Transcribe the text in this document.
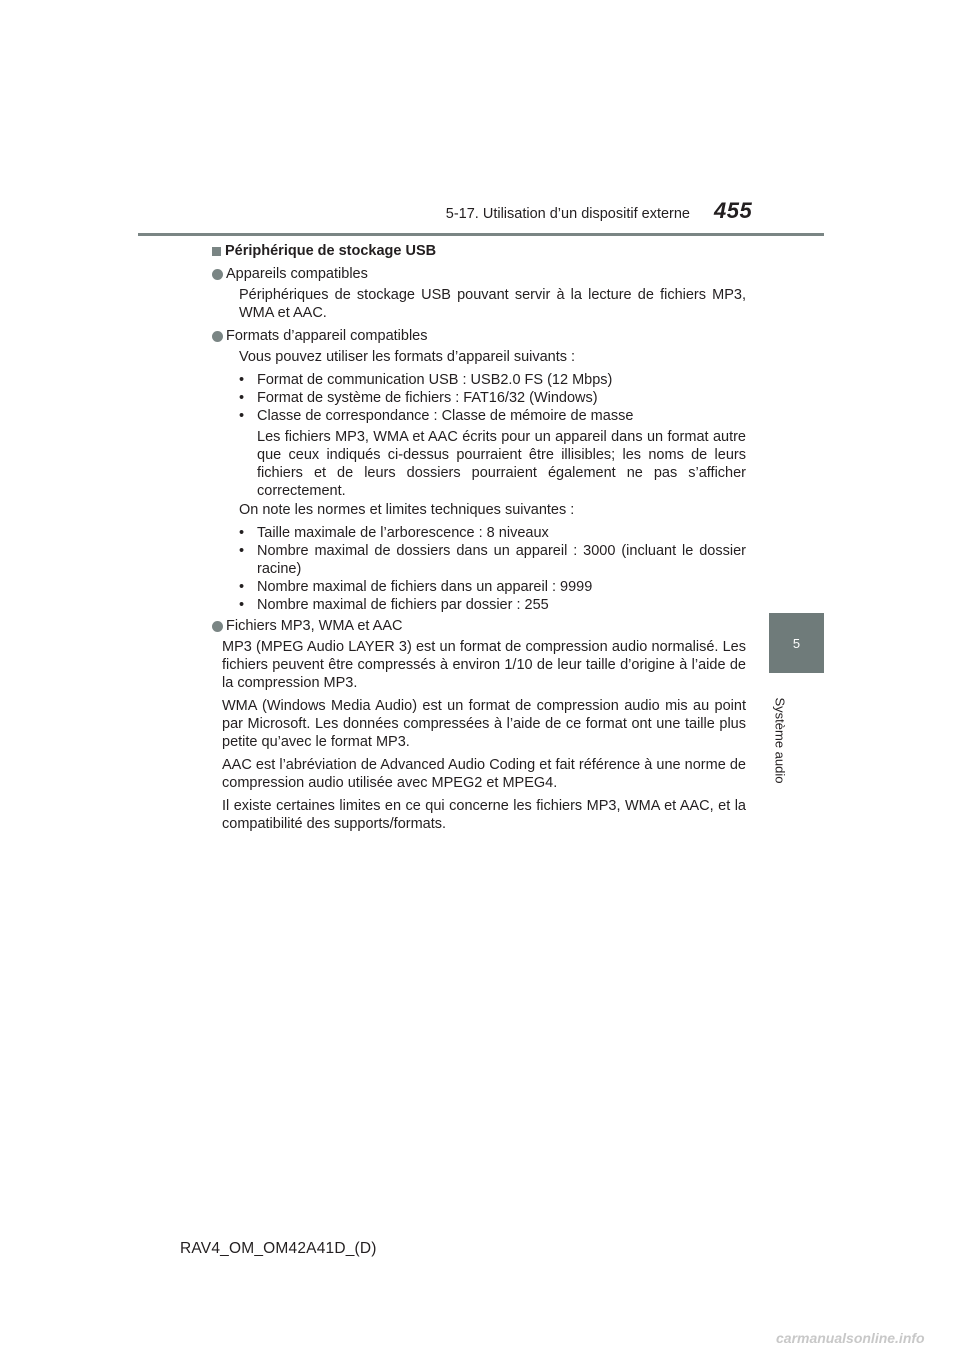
5-17. Utilisation d’un dispositif externe 455
5
Système audio
Périphérique de stockage USB
Appareils compatibles
Périphériques de stockage USB pouvant servir à la lecture de fichiers MP3, WMA et AAC.
Formats d’appareil compatibles
Vous pouvez utiliser les formats d’appareil suivants :
• Format de communication USB : USB2.0 FS (12 Mbps)
• Format de système de fichiers : FAT16/32 (Windows)
• Classe de correspondance : Classe de mémoire de masse
Les fichiers MP3, WMA et AAC écrits pour un appareil dans un format autre que ceux indiqués ci-dessus pourraient être illisibles; les noms de leurs fichiers et de leurs dossiers pourraient également ne pas s’afficher correctement.
On note les normes et limites techniques suivantes :
• Taille maximale de l’arborescence : 8 niveaux
• Nombre maximal de dossiers dans un appareil : 3000 (incluant le dossier racine)
• Nombre maximal de fichiers dans un appareil : 9999
• Nombre maximal de fichiers par dossier : 255
Fichiers MP3, WMA et AAC
MP3 (MPEG Audio LAYER 3) est un format de compression audio normalisé. Les fichiers peuvent être compressés à environ 1/10 de leur taille d’origine à l’aide de la compression MP3.
WMA (Windows Media Audio) est un format de compression audio mis au point par Microsoft. Les données compressées à l’aide de ce format ont une taille plus petite qu’avec le format MP3.
AAC est l’abréviation de Advanced Audio Coding et fait référence à une norme de compression audio utilisée avec MPEG2 et MPEG4.
Il existe certaines limites en ce qui concerne les fichiers MP3, WMA et AAC, et la compatibilité des supports/formats.
RAV4_OM_OM42A41D_(D)
carmanualsonline.info
